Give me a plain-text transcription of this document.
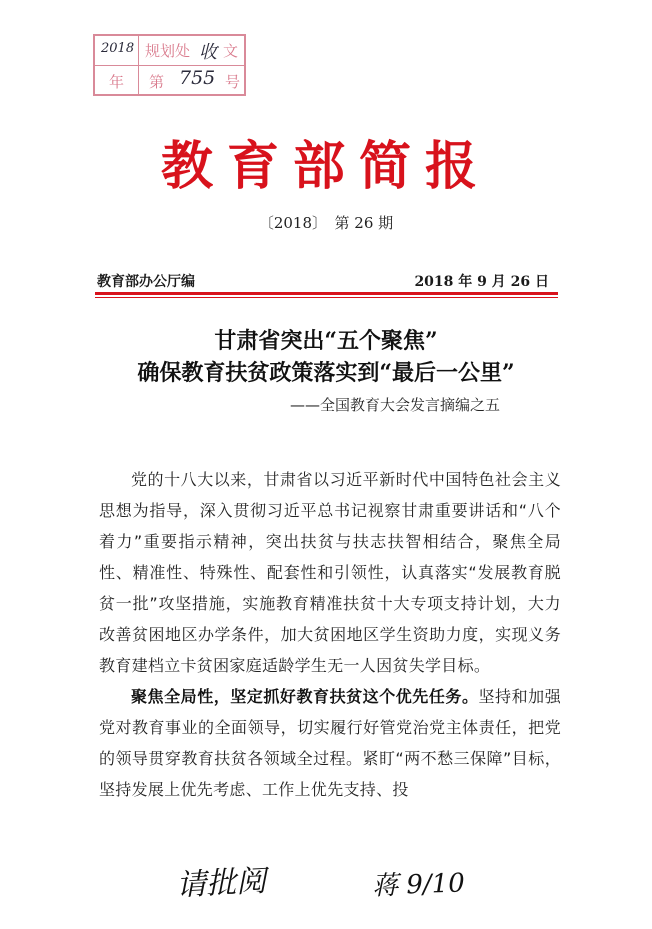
2018 规划处 收 文
年 第 755 号
教育部简报
〔2018〕　第 26 期
教育部办公厅编	2018 年 9 月 26 日
甘肃省突出“五个聚焦”
确保教育扶贫政策落实到“最后一公里”
——全国教育大会发言摘编之五

党的十八大以来，甘肃省以习近平新时代中国特色社会主义思想为指导，深入贯彻习近平总书记视察甘肃重要讲话和“八个着力”重要指示精神，突出扶贫与扶志扶智相结合，聚焦全局性、精准性、特殊性、配套性和引领性，认真落实“发展教育脱贫一批”攻坚措施，实施教育精准扶贫十大专项支持计划，大力改善贫困地区办学条件，加大贫困地区学生资助力度，实现义务教育建档立卡贫困家庭适龄学生无一人因贫失学目标。

聚焦全局性，坚定抓好教育扶贫这个优先任务。坚持和加强党对教育事业的全面领导，切实履行好管党治党主体责任，把党的领导贯穿教育扶贫各领域全过程。紧盯“两不愁三保障”目标，坚持发展上优先考虑、工作上优先支持、投

请批阅	蒋 9/10
